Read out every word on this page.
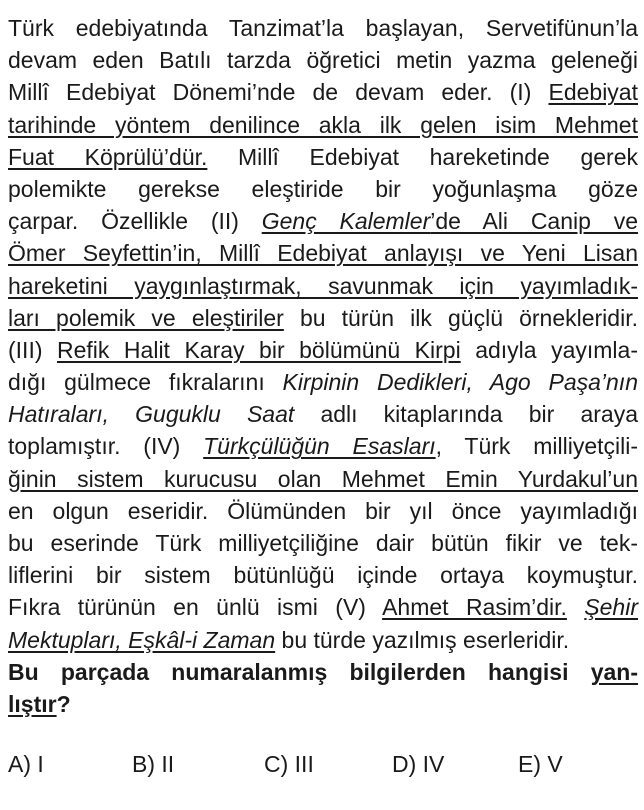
Türk edebiyatında Tanzimat’la başlayan, Servetifünun’la
devam eden Batılı tarzda öğretici metin yazma geleneği
Millî Edebiyat Dönemi’nde de devam eder. (I) Edebiyat
tarihinde yöntem denilince akla ilk gelen isim Mehmet
Fuat Köprülü’dür. Millî Edebiyat hareketinde gerek
polemikte gerekse eleştiride bir yoğunlaşma göze
çarpar. Özellikle (II) Genç Kalemler’de Ali Canip ve
Ömer Seyfettin’in, Millî Edebiyat anlayışı ve Yeni Lisan
hareketini yaygınlaştırmak, savunmak için yayımladık-
ları polemik ve eleştiriler bu türün ilk güçlü örnekleridir.
(III) Refik Halit Karay bir bölümünü Kirpi adıyla yayımla-
dığı gülmece fıkralarını Kirpinin Dedikleri, Ago Paşa’nın
Hatıraları, Guguklu Saat adlı kitaplarında bir araya
toplamıştır. (IV) Türkçülüğün Esasları, Türk milliyetçili-
ğinin sistem kurucusu olan Mehmet Emin Yurdakul’un
en olgun eseridir. Ölümünden bir yıl önce yayımladığı
bu eserinde Türk milliyetçiliğine dair bütün fikir ve tek-
liflerini bir sistem bütünlüğü içinde ortaya koymuştur.
Fıkra türünün en ünlü ismi (V) Ahmet Rasim’dir. Şehir
Mektupları, Eşkâl-i Zaman bu türde yazılmış eserleridir.
Bu parçada numaralanmış bilgilerden hangisi yan-
lıştır?
A) I	B) II	C) III	D) IV	E) V
